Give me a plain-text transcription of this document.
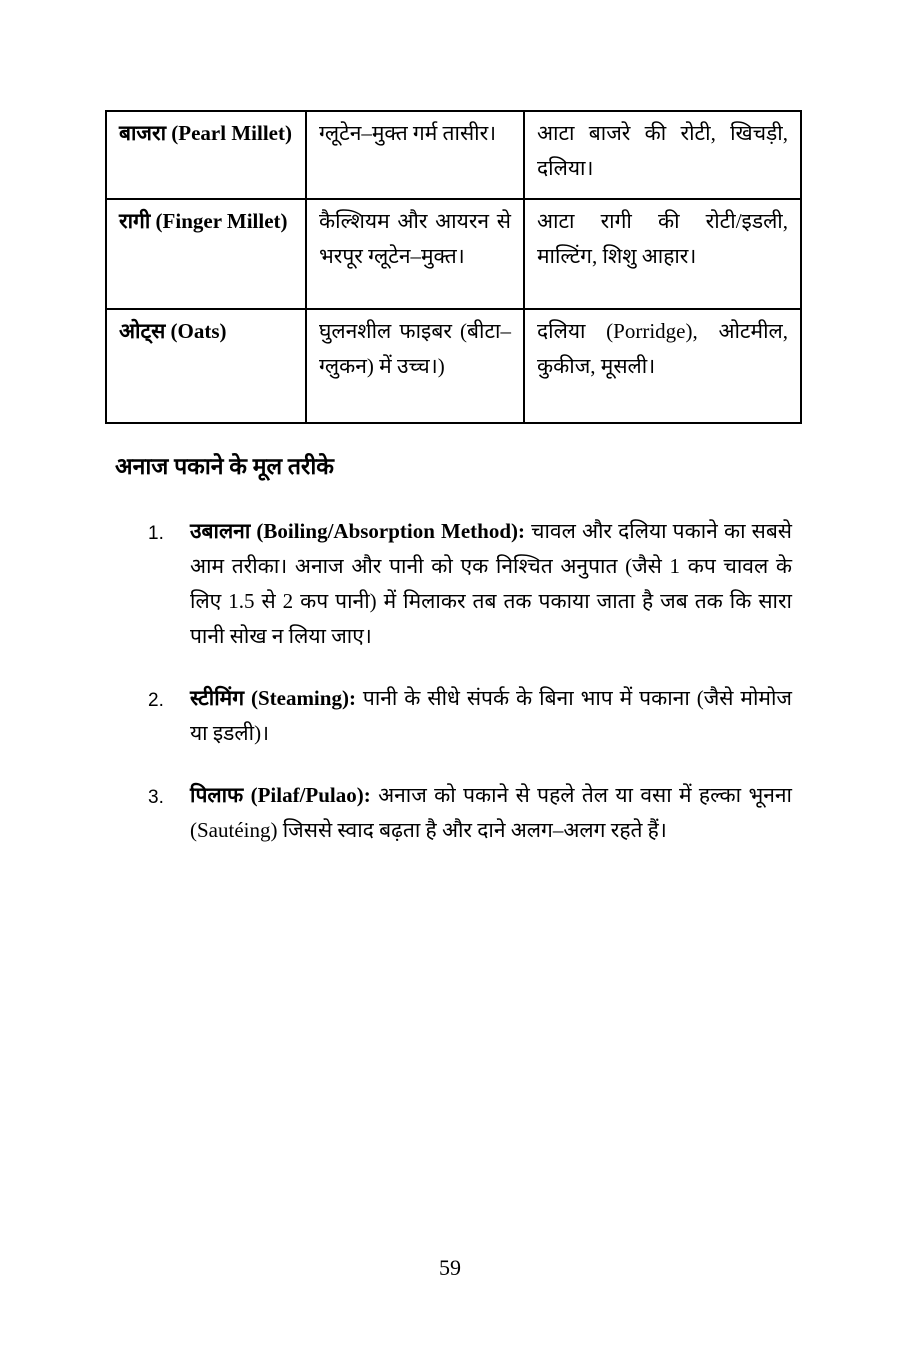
बाजरा (Pearl Millet)	ग्लूटेन–मुक्त गर्म तासीर।	आटा बाजरे की रोटी, खिचड़ी, दलिया।
रागी (Finger Millet)	कैल्शियम और आयरन से भरपूर ग्लूटेन–मुक्त।	आटा रागी की रोटी/इडली, माल्टिंग, शिशु आहार।
ओट्स (Oats)	घुलनशील फाइबर (बीटा–ग्लुकन) में उच्च।)	दलिया (Porridge), ओटमील, कुकीज, मूसली।
अनाज पकाने के मूल तरीके
1.	उबालना (Boiling/Absorption Method): चावल और दलिया पकाने का सबसे आम तरीका। अनाज और पानी को एक निश्चित अनुपात (जैसे 1 कप चावल के लिए 1.5 से 2 कप पानी) में मिलाकर तब तक पकाया जाता है जब तक कि सारा पानी सोख न लिया जाए।
2.	स्टीमिंग (Steaming): पानी के सीधे संपर्क के बिना भाप में पकाना (जैसे मोमोज या इडली)।
3.	पिलाफ (Pilaf/Pulao): अनाज को पकाने से पहले तेल या वसा में हल्का भूनना (Sautéing) जिससे स्वाद बढ़ता है और दाने अलग–अलग रहते हैं।
59
